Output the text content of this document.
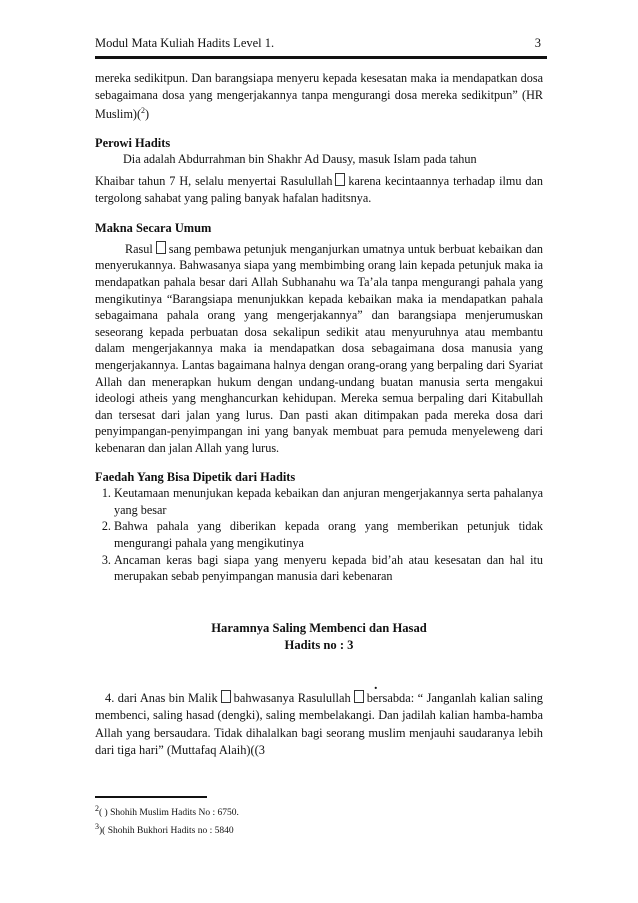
Modul Mata Kuliah Hadits Level 1.	3

mereka sedikitpun. Dan barangsiapa menyeru kepada kesesatan maka ia mendapatkan dosa sebagaimana dosa yang mengerjakannya tanpa mengurangi dosa mereka sedikitpun” (HR Muslim)($^2$)

Perowi Hadits

Dia adalah Abdurrahman bin Shakhr Ad Dausy, masuk Islam pada tahun

Khaibar tahun 7 H, selalu menyertai Rasulullah karena kecintaannya terhadap ilmu dan tergolong sahabat yang paling banyak hafalan haditsnya.

Makna Secara Umum

Rasul sang pembawa petunjuk menganjurkan umatnya untuk berbuat kebaikan dan menyerukannya. Bahwasanya siapa yang membimbing orang lain kepada petunjuk maka ia mendapatkan pahala besar dari Allah Subhanahu wa Ta’ala tanpa mengurangi pahala yang mengikutinya “Barangsiapa menunjukkan kepada kebaikan maka ia mendapatkan pahala sebagaimana pahala orang yang mengerjakannya” dan barangsiapa menjerumuskan seseorang kepada perbuatan dosa sekalipun sedikit atau menyuruhnya atau membantu dalam mengerjakannya maka ia mendapatkan dosa sebagaimana dosa manusia yang mengerjakannya. Lantas bagaimana halnya dengan orang-orang yang berpaling dari Syariat Allah dan menerapkan hukum dengan undang-undang buatan manusia serta mengakui ideologi atheis yang menghancurkan kehidupan. Mereka semua berpaling dari Kitabullah dan tersesat dari jalan yang lurus. Dan pasti akan ditimpakan pada mereka dosa dari penyimpangan-penyimpangan ini yang banyak membuat para pemuda menyeleweng dari kebenaran dan jalan Allah yang lurus.

Faedah Yang Bisa Dipetik dari Hadits

1. Keutamaan menunjukan kepada kebaikan dan anjuran mengerjakannya serta pahalanya yang besar
2. Bahwa pahala yang diberikan kepada orang yang memberikan petunjuk tidak mengurangi pahala yang mengikutinya
3. Ancaman keras bagi siapa yang menyeru kepada bid’ah atau kesesatan dan hal itu merupakan sebab penyimpangan manusia dari kebenaran
Haramnya Saling Membenci dan Hasad
Hadits no : 3
.

4. dari Anas bin Malik bahwasanya Rasulullah bersabda: “ Janganlah kalian saling membenci, saling hasad (dengki), saling membelakangi. Dan jadilah kalian hamba-hamba Allah yang bersaudara. Tidak dihalalkan bagi seorang muslim menjauhi saudaranya lebih dari tiga hari” (Muttafaq Alaih)((3

$^2$( ) Shohih Muslim Hadits No : 6750.

$^3$)( Shohih Bukhori Hadits no : 5840
